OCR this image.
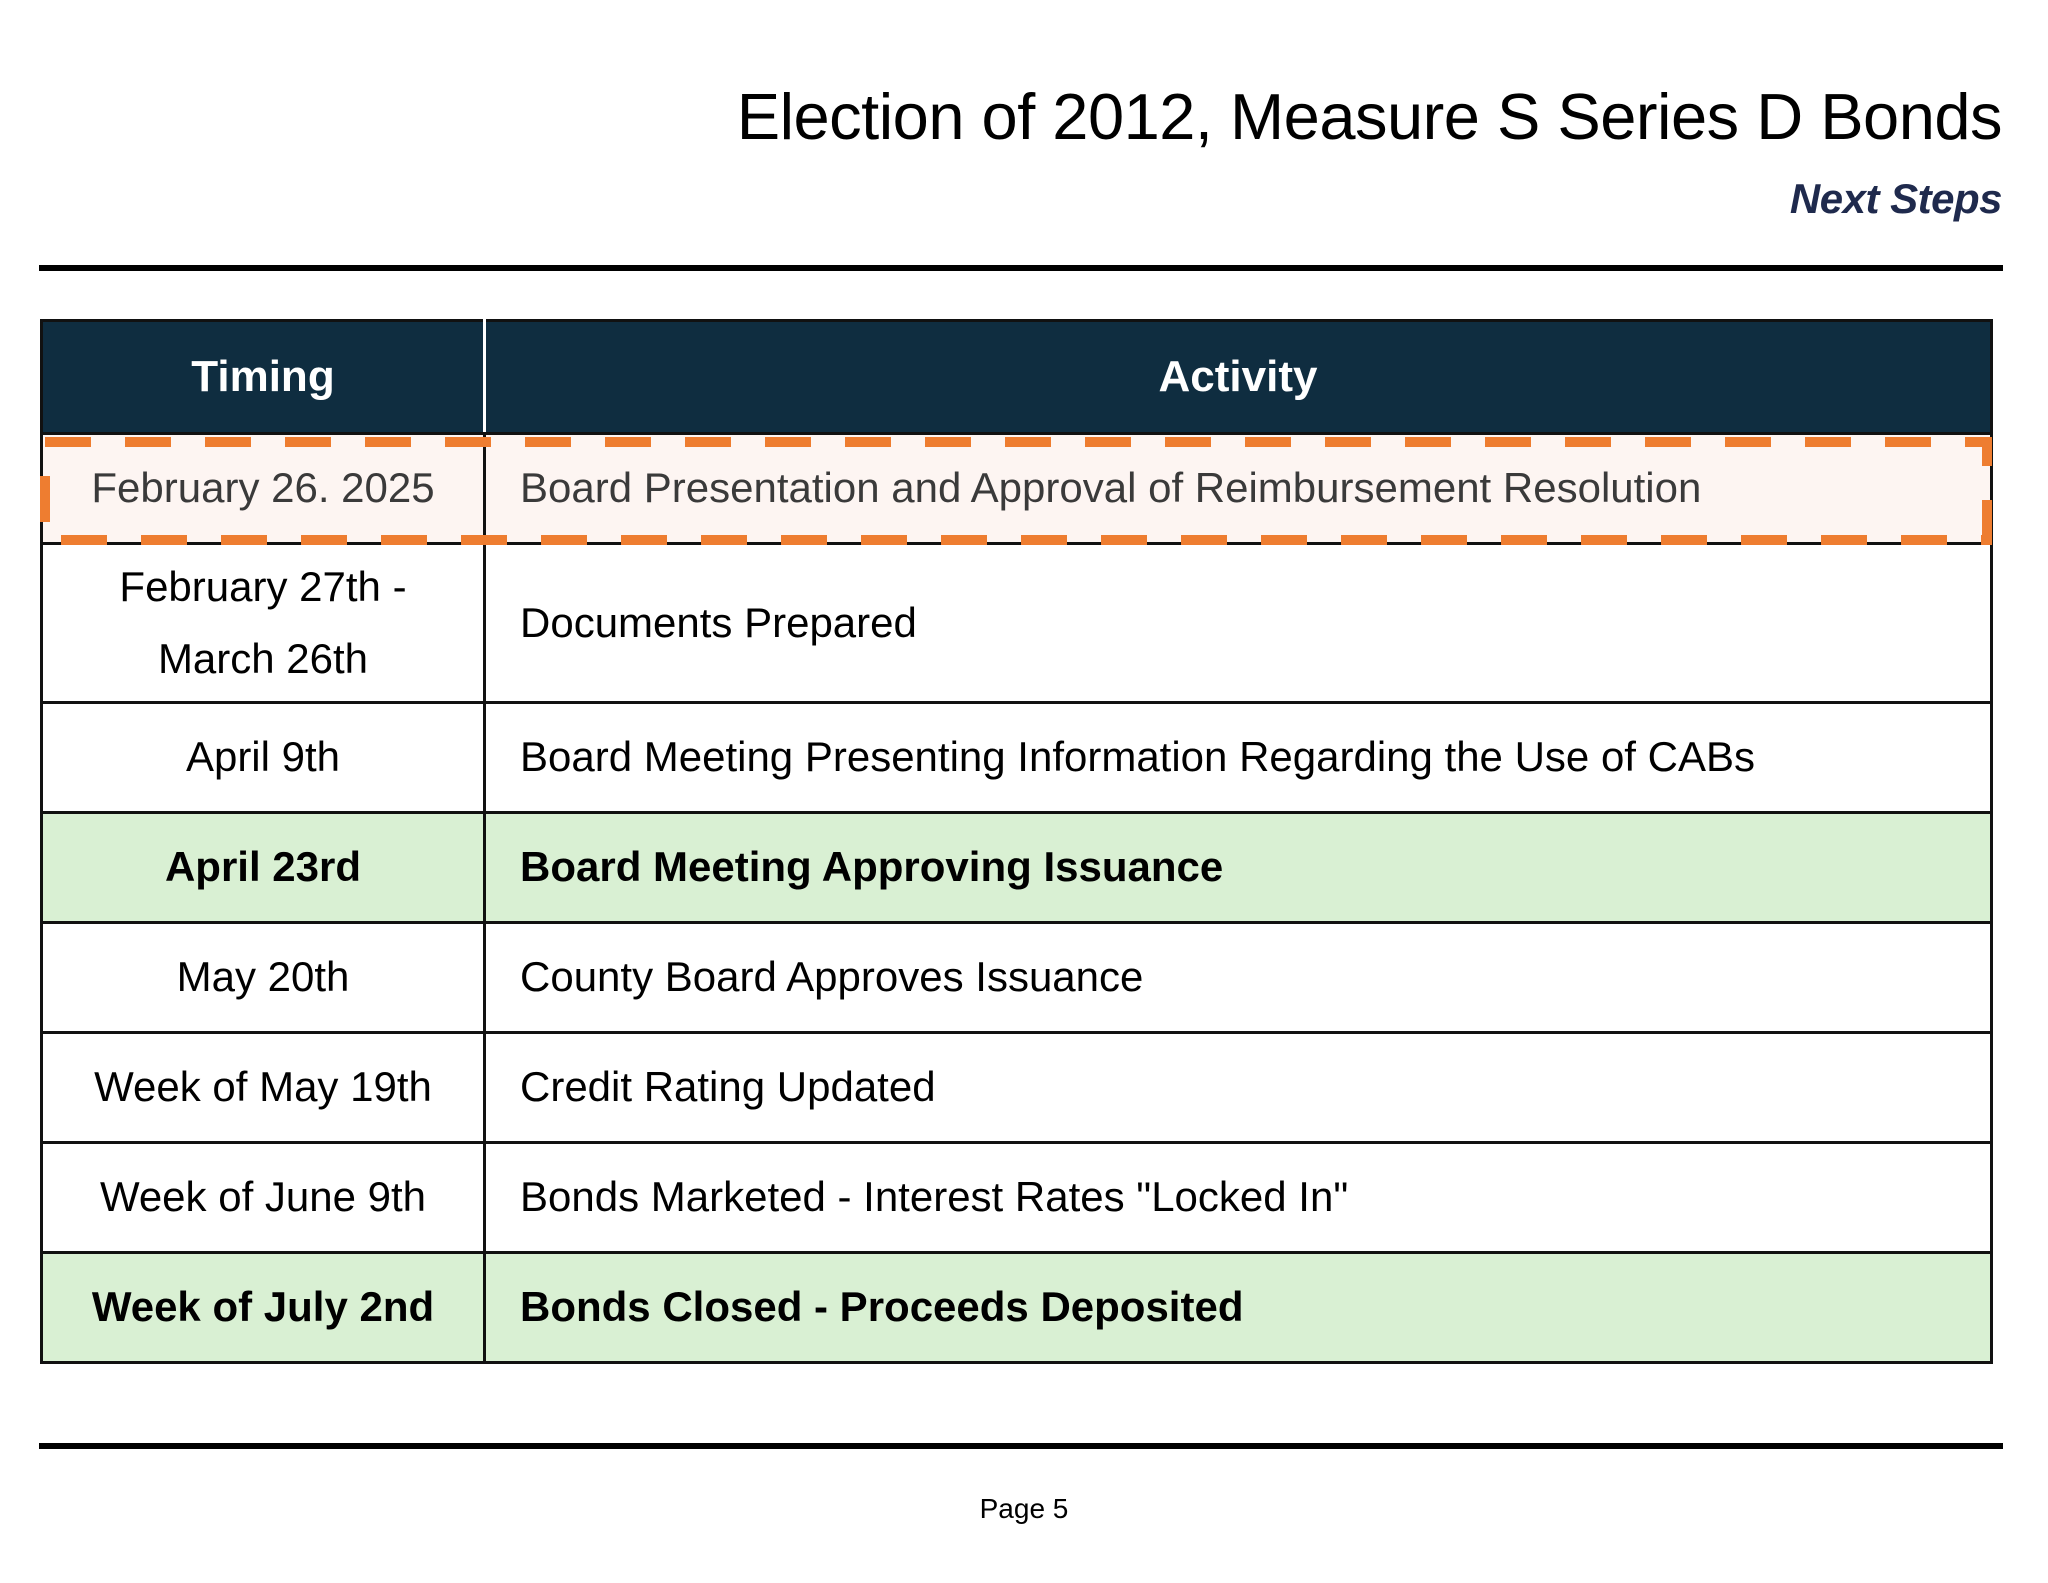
Election of 2012, Measure S Series D Bonds
Next Steps
Timing	Activity
February 26. 2025	Board Presentation and Approval of Reimbursement Resolution

February 27th - March 26th	Documents Prepared
April 9th	Board Meeting Presenting Information Regarding the Use of CABs
April 23rd	Board Meeting Approving Issuance
May 20th	County Board Approves Issuance
Week of May 19th	Credit Rating Updated
Week of June 9th	Bonds Marketed - Interest Rates "Locked In"
Week of July 2nd	Bonds Closed - Proceeds Deposited
Page 5
